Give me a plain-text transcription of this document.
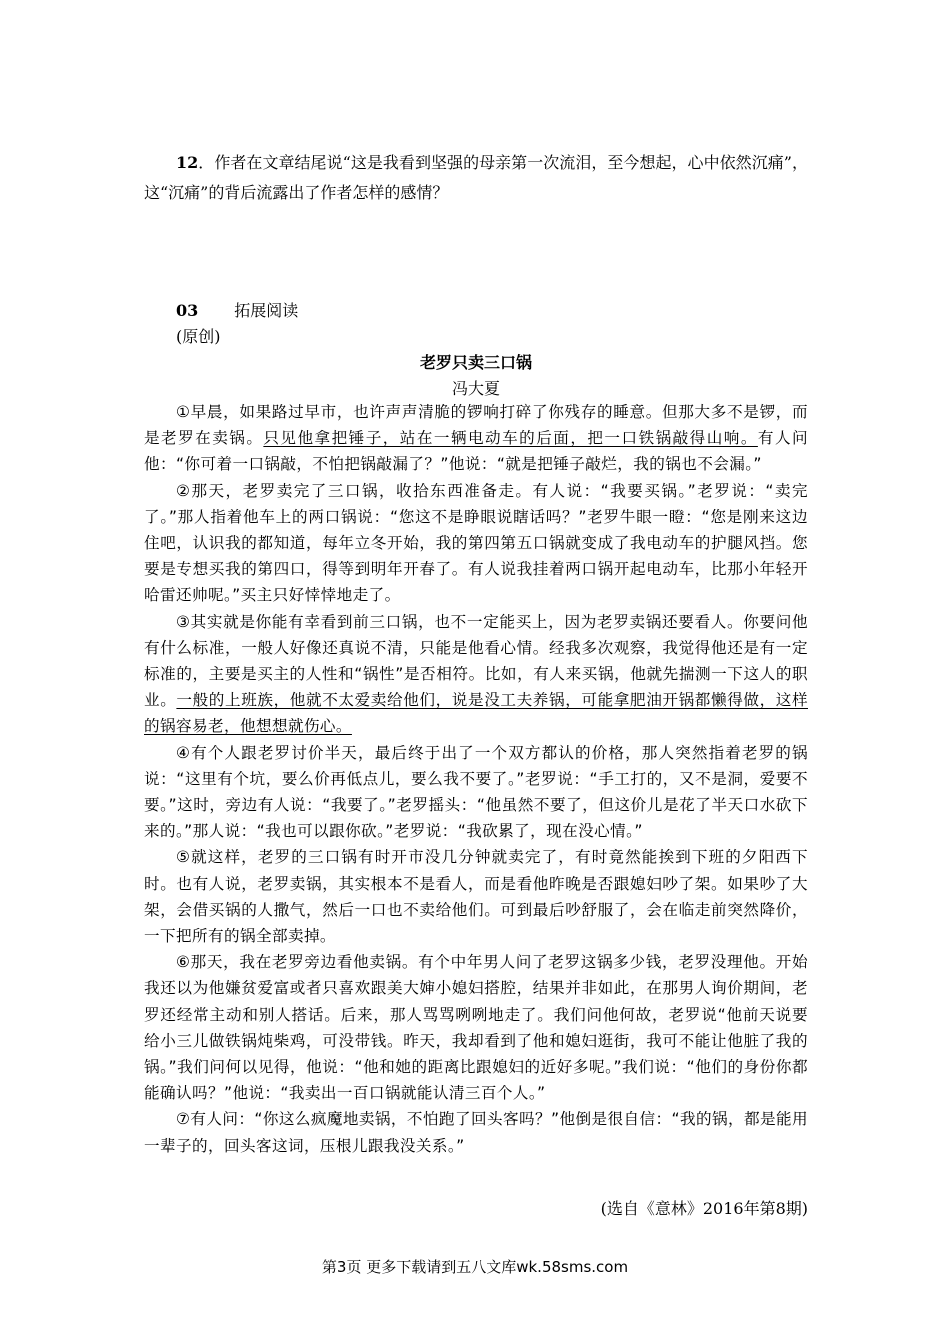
12．作者在文章结尾说“这是我看到坚强的母亲第一次流泪，至今想起，心中依然沉痛”，这“沉痛”的背后流露出了作者怎样的感情？
03 拓展阅读
(原创)
老罗只卖三口锅
冯大夏

①早晨，如果路过早市，也许声声清脆的锣响打碎了你残存的睡意。但那大多不是锣，而是老罗在卖锅。只见他拿把锤子，站在一辆电动车的后面，把一口铁锅敲得山响。有人问他：“你可着一口锅敲，不怕把锅敲漏了？”他说：“就是把锤子敲烂，我的锅也不会漏。”

②那天，老罗卖完了三口锅，收拾东西准备走。有人说：“我要买锅。”老罗说：“卖完了。”那人指着他车上的两口锅说：“您这不是睁眼说瞎话吗？”老罗牛眼一瞪：“您是刚来这边住吧，认识我的都知道，每年立冬开始，我的第四第五口锅就变成了我电动车的护腿风挡。您要是专想买我的第四口，得等到明年开春了。有人说我挂着两口锅开起电动车，比那小年轻开哈雷还帅呢。”买主只好悻悻地走了。

③其实就是你能有幸看到前三口锅，也不一定能买上，因为老罗卖锅还要看人。你要问他有什么标准，一般人好像还真说不清，只能是他看心情。经我多次观察，我觉得他还是有一定标准的，主要是买主的人性和“锅性”是否相符。比如，有人来买锅，他就先揣测一下这人的职业。一般的上班族，他就不太爱卖给他们，说是没工夫养锅，可能拿肥油开锅都懒得做，这样的锅容易老，他想想就伤心。

④有个人跟老罗讨价半天，最后终于出了一个双方都认的价格，那人突然指着老罗的锅说：“这里有个坑，要么价再低点儿，要么我不要了。”老罗说：“手工打的，又不是洞，爱要不要。”这时，旁边有人说：“我要了。”老罗摇头：“他虽然不要了，但这价儿是花了半天口水砍下来的。”那人说：“我也可以跟你砍。”老罗说：“我砍累了，现在没心情。”

⑤就这样，老罗的三口锅有时开市没几分钟就卖完了，有时竟然能挨到下班的夕阳西下时。也有人说，老罗卖锅，其实根本不是看人，而是看他昨晚是否跟媳妇吵了架。如果吵了大架，会借买锅的人撒气，然后一口也不卖给他们。可到最后吵舒服了，会在临走前突然降价，一下把所有的锅全部卖掉。

⑥那天，我在老罗旁边看他卖锅。有个中年男人问了老罗这锅多少钱，老罗没理他。开始我还以为他嫌贫爱富或者只喜欢跟美大婶小媳妇搭腔，结果并非如此，在那男人询价期间，老罗还经常主动和别人搭话。后来，那人骂骂咧咧地走了。我们问他何故，老罗说“他前天说要给小三儿做铁锅炖柴鸡，可没带钱。昨天，我却看到了他和媳妇逛街，我可不能让他脏了我的锅。”我们问何以见得，他说：“他和她的距离比跟媳妇的近好多呢。”我们说：“他们的身份你都能确认吗？”他说：“我卖出一百口锅就能认清三百个人。”

⑦有人问：“你这么疯魔地卖锅，不怕跑了回头客吗？”他倒是很自信：“我的锅，都是能用一辈子的，回头客这词，压根儿跟我没关系。”

(选自《意林》2016年第8期)
第3页 更多下载请到五八文库wk.58sms.com
